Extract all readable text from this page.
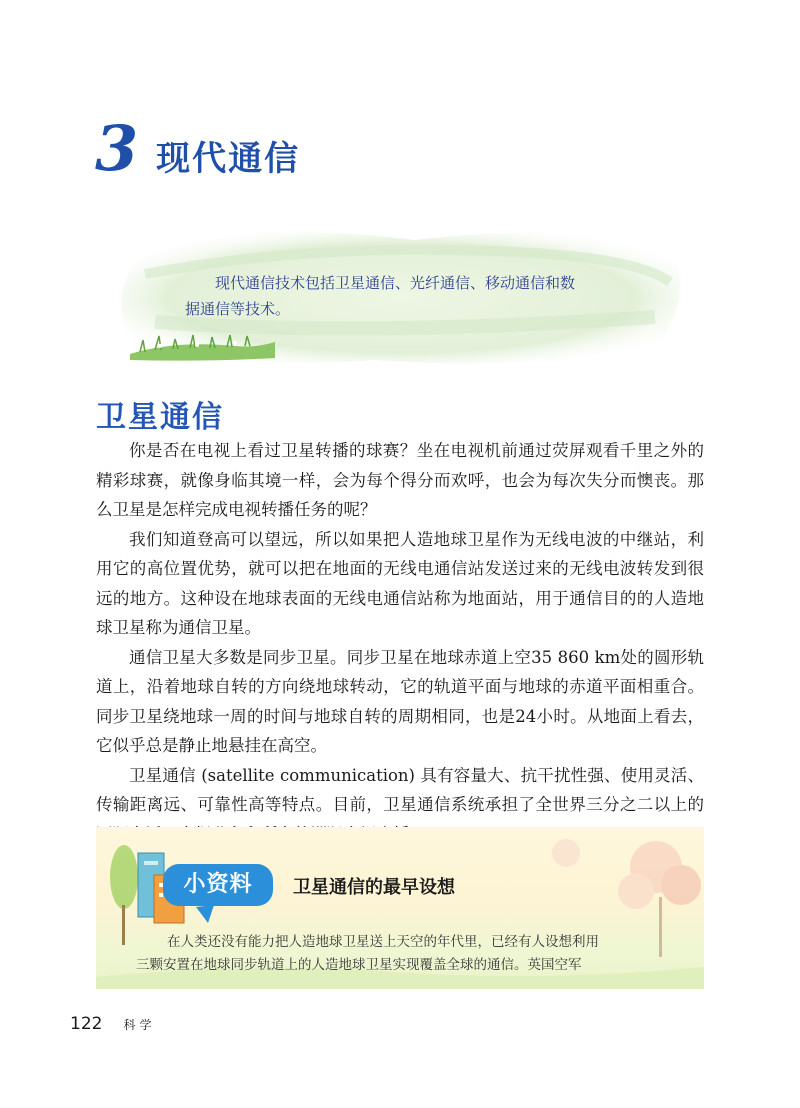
3 现代通信

现代通信技术包括卫星通信、光纤通信、移动通信和数
据通信等技术。

卫星通信

你是否在电视上看过卫星转播的球赛？坐在电视机前通过荧屏观看千里之外的精彩球赛，就像身临其境一样，会为每个得分而欢呼，也会为每次失分而懊丧。那么卫星是怎样完成电视转播任务的呢？

我们知道登高可以望远，所以如果把人造地球卫星作为无线电波的中继站，利用它的高位置优势，就可以把在地面的无线电通信站发送过来的无线电波转发到很远的地方。这种设在地球表面的无线电通信站称为地面站，用于通信目的的人造地球卫星称为通信卫星。

通信卫星大多数是同步卫星。同步卫星在地球赤道上空35 860 km处的圆形轨道上，沿着地球自转的方向绕地球转动，它的轨道平面与地球的赤道平面相重合。同步卫星绕地球一周的时间与地球自转的周期相同，也是24小时。从地面上看去，它似乎总是静止地悬挂在高空。

卫星通信 (satellite communication) 具有容量大、抗干扰性强、使用灵活、传输距离远、可靠性高等特点。目前，卫星通信系统承担了全世界三分之二以上的

小资料	卫星通信的最早设想
在人类还没有能力把人造地球卫星送上天空的年代里，已经有人设想利用
三颗安置在地球同步轨道上的人造地球卫星实现覆盖全球的通信。英国空军
122 科学
